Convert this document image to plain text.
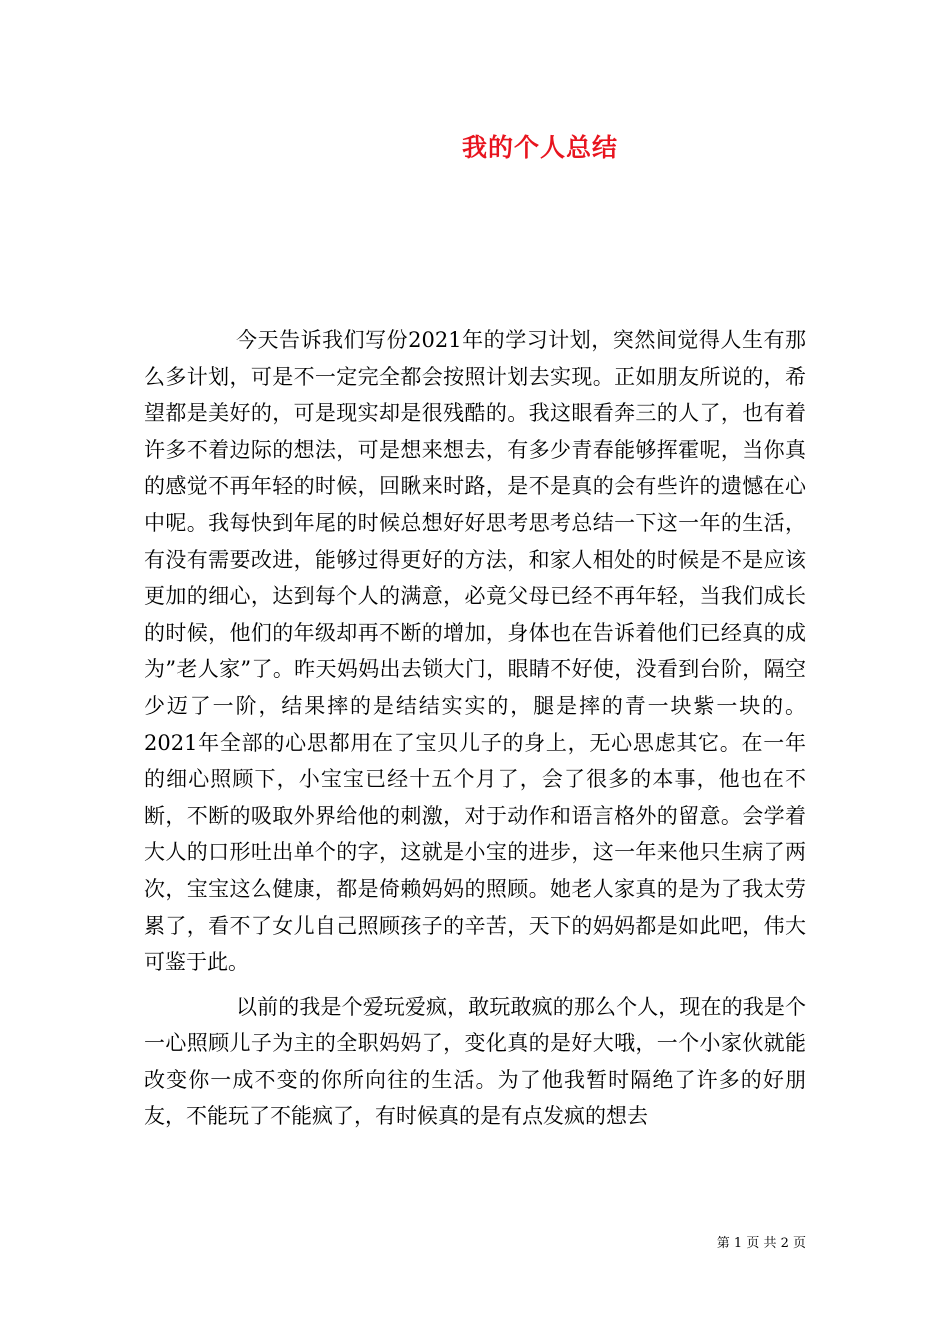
我的个人总结

今天告诉我们写份2021年的学习计划，突然间觉得人生有那么多计划，可是不一定完全都会按照计划去实现。正如朋友所说的，希望都是美好的，可是现实却是很残酷的。我这眼看奔三的人了，也有着许多不着边际的想法，可是想来想去，有多少青春能够挥霍呢，当你真的感觉不再年轻的时候，回瞅来时路，是不是真的会有些许的遗憾在心中呢。我每快到年尾的时候总想好好思考思考总结一下这一年的生活，有没有需要改进，能够过得更好的方法，和家人相处的时候是不是应该更加的细心，达到每个人的满意，必竟父母已经不再年轻，当我们成长的时候，他们的年级却再不断的增加，身体也在告诉着他们已经真的成为”老人家”了。昨天妈妈出去锁大门，眼睛不好使，没看到台阶，隔空少迈了一阶，结果摔的是结结实实的，腿是摔的青一块紫一块的。2021年全部的心思都用在了宝贝儿子的身上，无心思虑其它。在一年的细心照顾下，小宝宝已经十五个月了，会了很多的本事，他也在不断，不断的吸取外界给他的刺激，对于动作和语言格外的留意。会学着大人的口形吐出单个的字，这就是小宝的进步，这一年来他只生病了两次，宝宝这么健康，都是倚赖妈妈的照顾。她老人家真的是为了我太劳累了，看不了女儿自己照顾孩子的辛苦，天下的妈妈都是如此吧，伟大可鉴于此。

以前的我是个爱玩爱疯，敢玩敢疯的那么个人，现在的我是个一心照顾儿子为主的全职妈妈了，变化真的是好大哦，一个小家伙就能改变你一成不变的你所向往的生活。为了他我暂时隔绝了许多的好朋友，不能玩了不能疯了，有时候真的是有点发疯的想去

第 1 页 共 2 页
